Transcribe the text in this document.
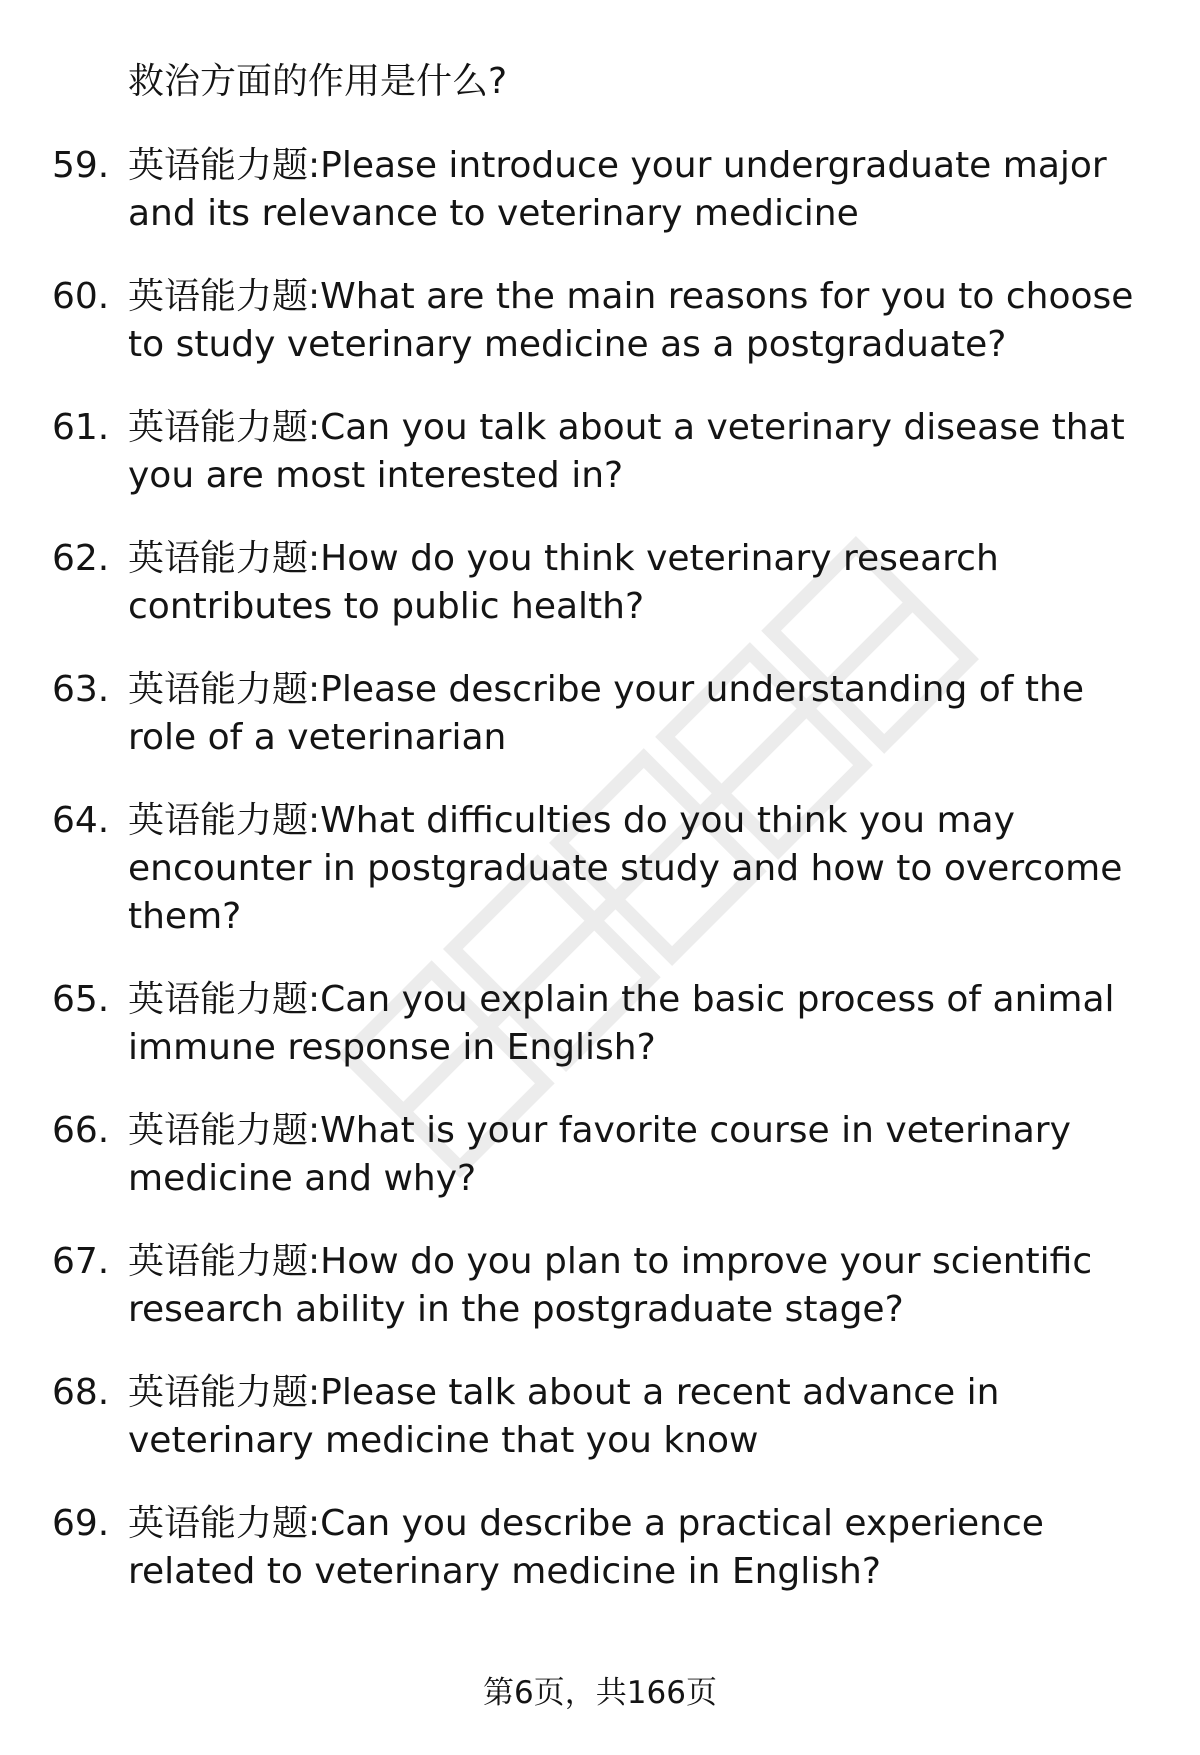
救治方面的作用是什么?

59. 英语能力题:Please introduce your undergraduate major and its relevance to veterinary medicine
60. 英语能力题:What are the main reasons for you to choose to study veterinary medicine as a postgraduate?
61. 英语能力题:Can you talk about a veterinary disease that you are most interested in?
62. 英语能力题:How do you think veterinary research contributes to public health?
63. 英语能力题:Please describe your understanding of the role of a veterinarian
64. 英语能力题:What difficulties do you think you may encounter in postgraduate study and how to overcome them?
65. 英语能力题:Can you explain the basic process of animal immune response in English?
66. 英语能力题:What is your favorite course in veterinary medicine and why?
67. 英语能力题:How do you plan to improve your scientific research ability in the postgraduate stage?
68. 英语能力题:Please talk about a recent advance in veterinary medicine that you know
69. 英语能力题:Can you describe a practical experience related to veterinary medicine in English?

第6页，共166页
